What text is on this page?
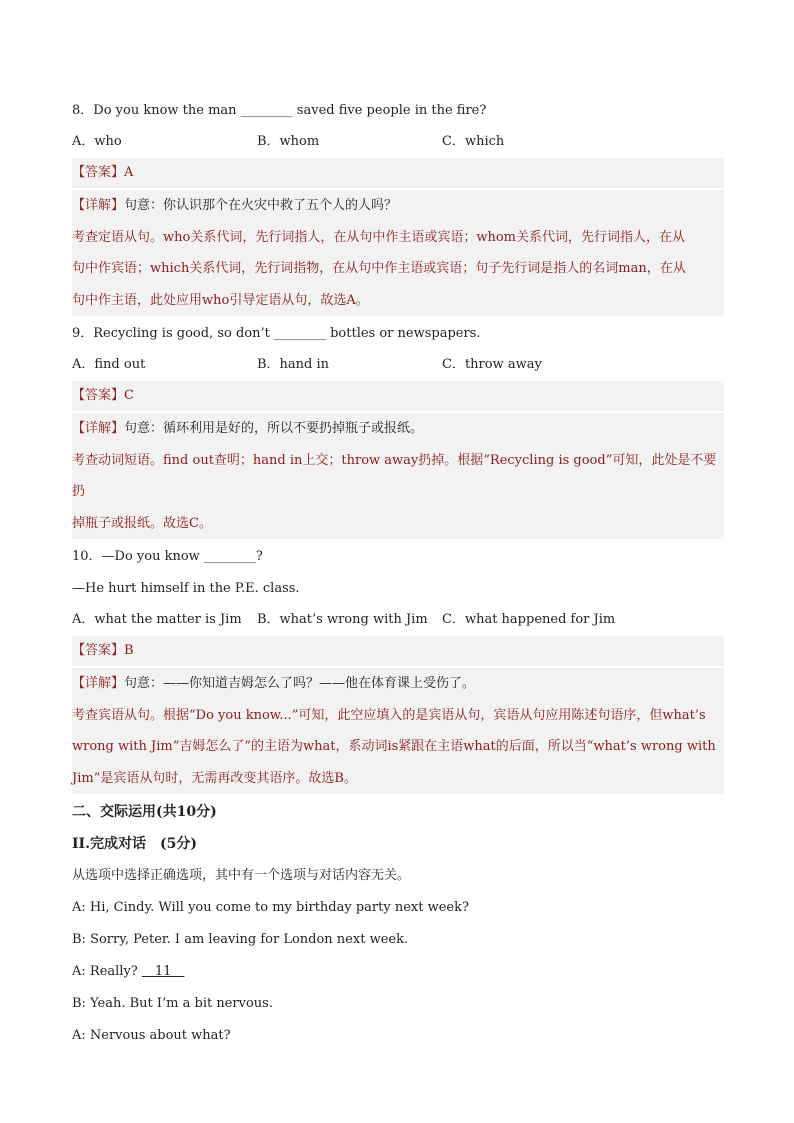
8．Do you know the man ________ saved five people in the fire?
A．who	B．whom	C．which
【答案】A
【详解】句意：你认识那个在火灾中救了五个人的人吗？
考查定语从句。who关系代词，先行词指人，在从句中作主语或宾语；whom关系代词，先行词指人，在从
句中作宾语；which关系代词，先行词指物，在从句中作主语或宾语；句子先行词是指人的名词man，在从
句中作主语，此处应用who引导定语从句，故选A。
9．Recycling is good, so don’t ________ bottles or newspapers.
A．find out	B．hand in	C．throw away
【答案】C
【详解】句意：循环利用是好的，所以不要扔掉瓶子或报纸。
考查动词短语。find out查明；hand in上交；throw away扔掉。根据“Recycling is good”可知，此处是不要扔
掉瓶子或报纸。故选C。
10．—Do you know ________?
—He hurt himself in the P.E. class.
A．what the matter is Jim	B．what’s wrong with Jim	C．what happened for Jim
【答案】B
【详解】句意：——你知道吉姆怎么了吗？——他在体育课上受伤了。
考查宾语从句。根据“Do you know...”可知，此空应填入的是宾语从句，宾语从句应用陈述句语序，但what’s
wrong with Jim“吉姆怎么了”的主语为what，系动词is紧跟在主语what的后面，所以当“what’s wrong with
Jim”是宾语从句时，无需再改变其语序。故选B。
二、交际运用(共10分)
II.完成对话　(5分)
从选项中选择正确选项，其中有一个选项与对话内容无关。
A: Hi, Cindy. Will you come to my birthday party next week?
B: Sorry, Peter. I am leaving for London next week.
A: Really? 　11　
B: Yeah. But I’m a bit nervous.
A: Nervous about what?
